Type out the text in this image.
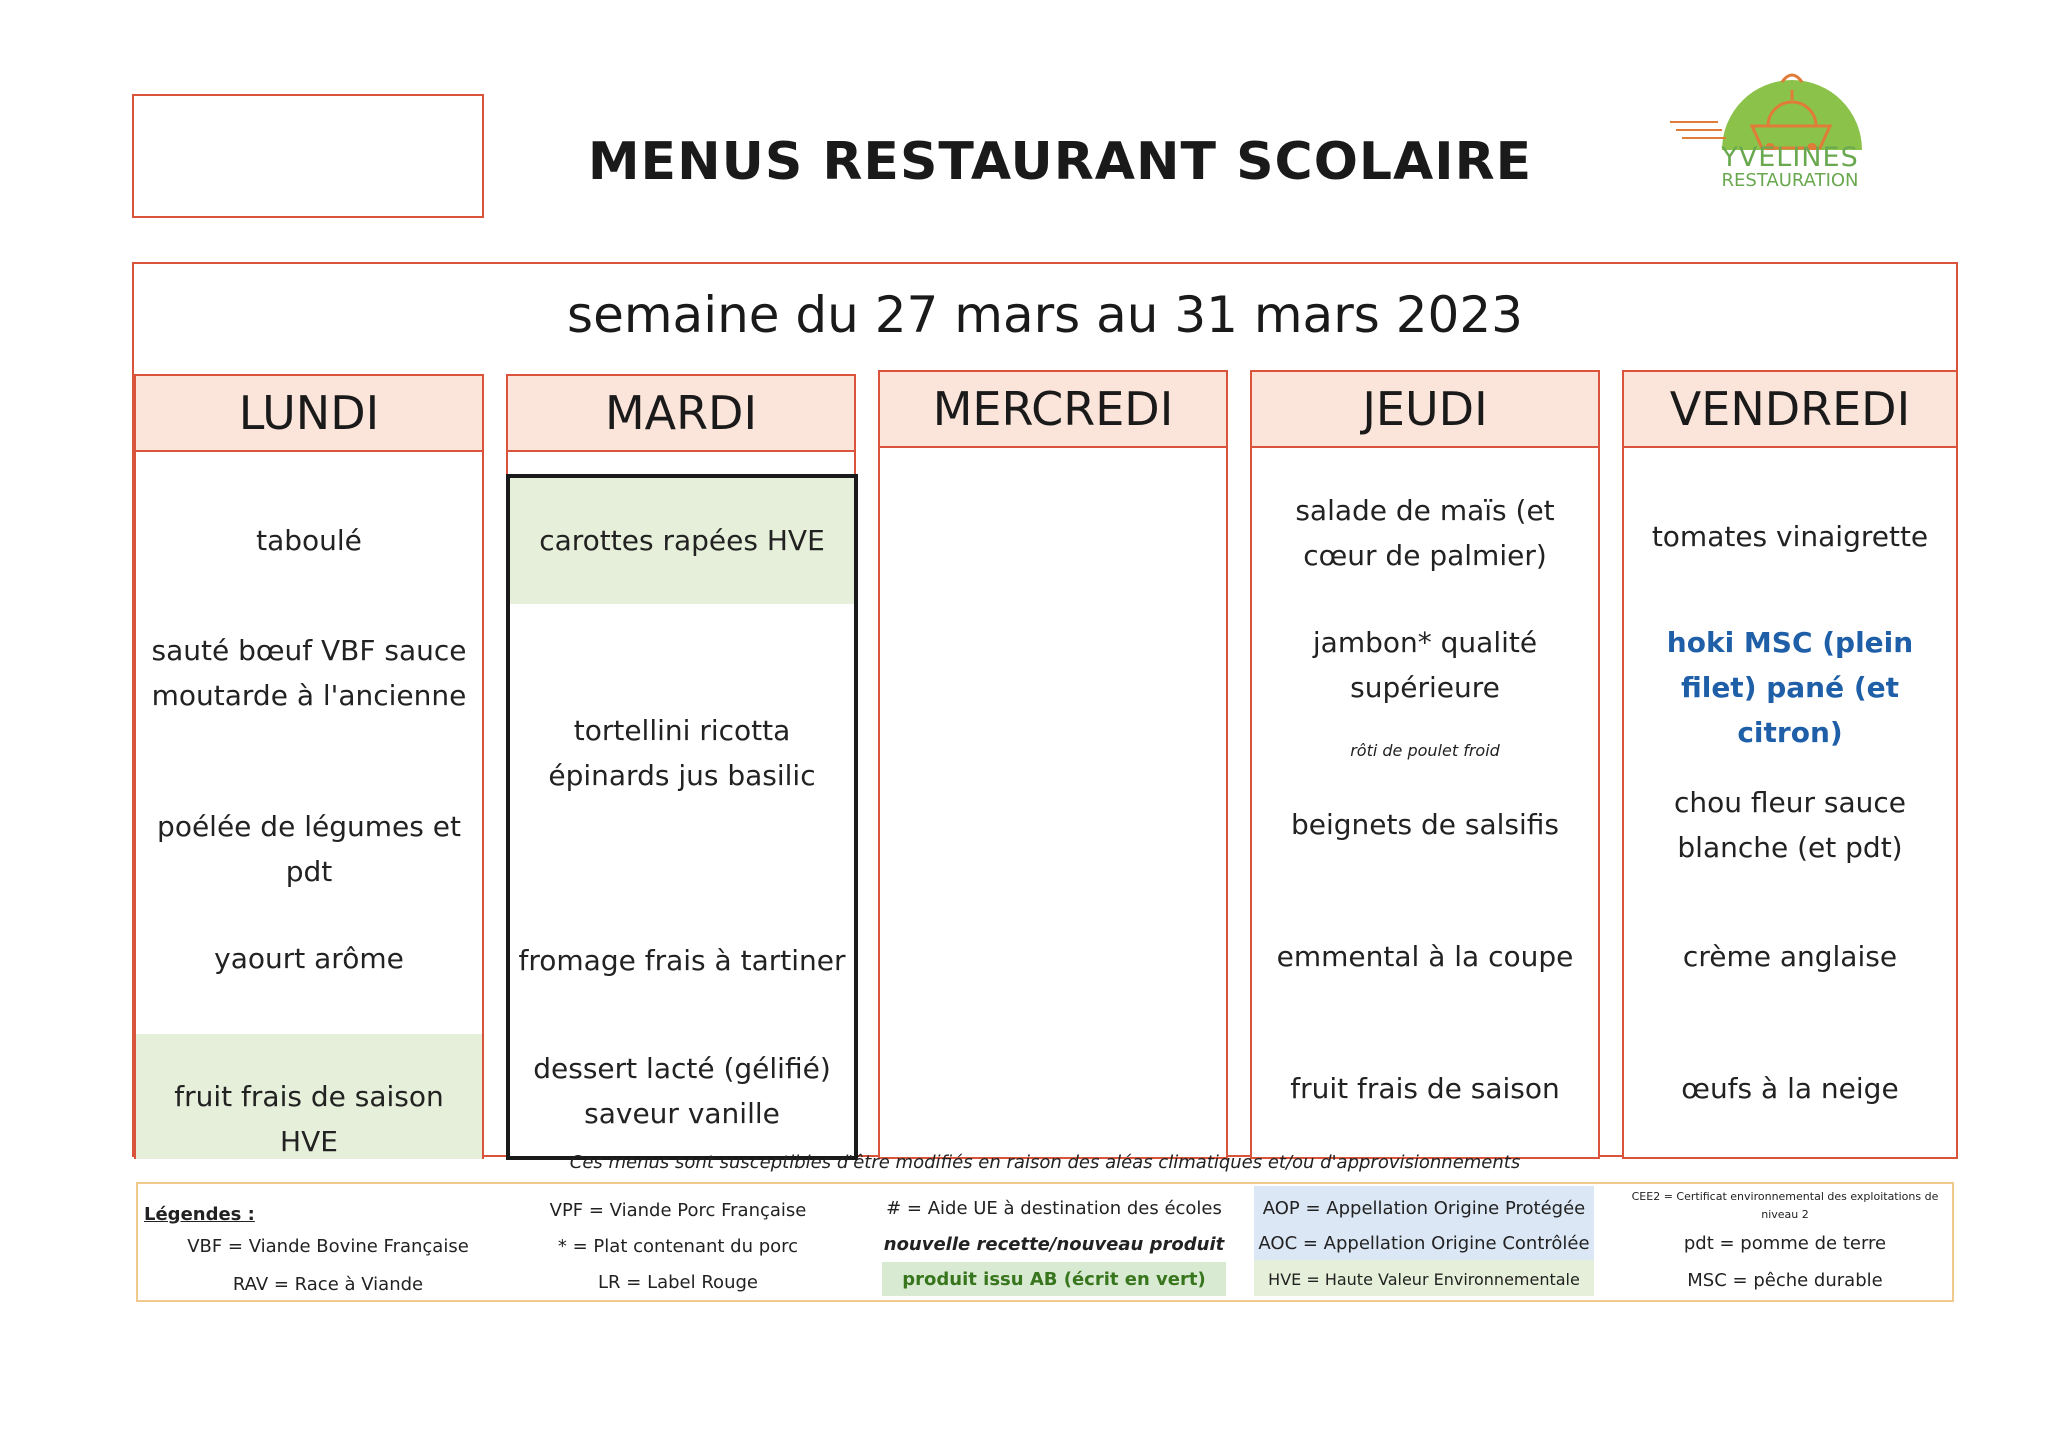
MENUS RESTAURANT SCOLAIRE	YVELINES
RESTAURATION
semaine du 27 mars au 31 mars 2023
LUNDI
taboulé
sauté bœuf VBF sauce moutarde à l'ancienne
poélée de légumes et pdt
yaourt arôme
fruit frais de saison HVE
MARDI
carottes rapées HVE
tortellini ricotta épinards jus basilic
fromage frais à tartiner
dessert lacté (gélifié) saveur vanille
MERCREDI	JEUDI
salade de maïs (et cœur de palmier)
jambon* qualité supérieure
rôti de poulet froid
beignets de salsifis
emmental à la coupe
fruit frais de saison
VENDREDI
tomates vinaigrette
hoki MSC (plein filet) pané (et citron)
chou fleur sauce blanche (et pdt)
crème anglaise
œufs à la neige
Ces menus sont susceptibles d'être modifiés en raison des aléas climatiques et/ou d'approvisionnements
Légendes :
VBF = Viande Bovine Française
RAV = Race à Viande
VPF = Viande Porc Française
* = Plat contenant du porc
LR = Label Rouge
# = Aide UE à destination des écoles
nouvelle recette/nouveau produit
produit issu AB (écrit en vert)
AOP = Appellation Origine Protégée
AOC = Appellation Origine Contrôlée
HVE = Haute Valeur Environnementale
CEE2 = Certificat environnemental des exploitations de niveau 2
pdt = pomme de terre
MSC = pêche durable
